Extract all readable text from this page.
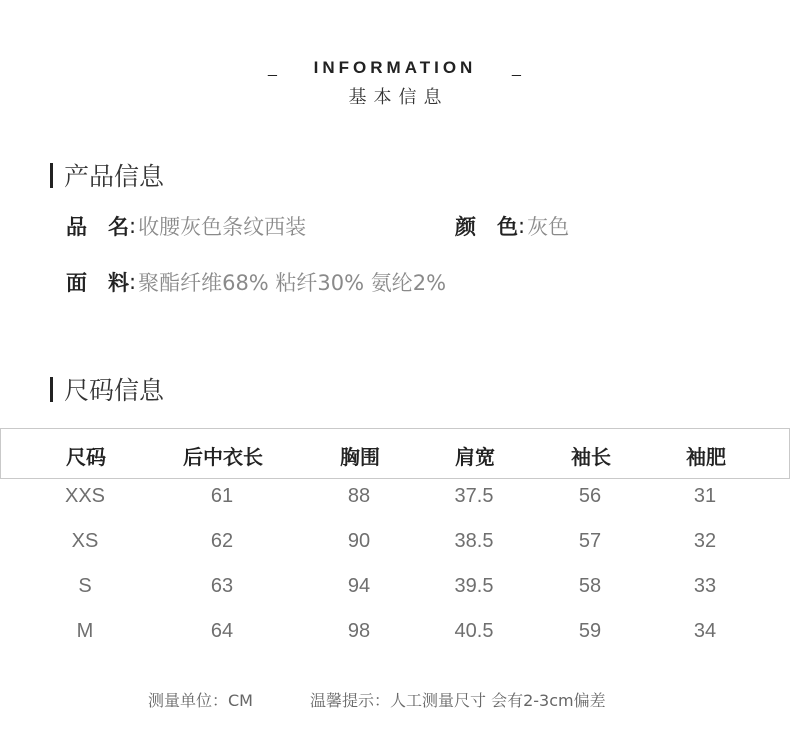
_	INFORMATION	_
基本信息
产品信息
品　名 : 收腰灰色条纹西装	颜　色 : 灰色
面　料 : 聚酯纤维68% 粘纤30% 氨纶2%
尺码信息
尺码	后中衣长	胸围	肩宽	袖长	袖肥
XXS	61	88	37.5	56	31
XS	62	90	38.5	57	32
S	63	94	39.5	58	33
M	64	98	40.5	59	34
测量单位：CM	温馨提示：人工测量尺寸 会有2-3cm偏差
